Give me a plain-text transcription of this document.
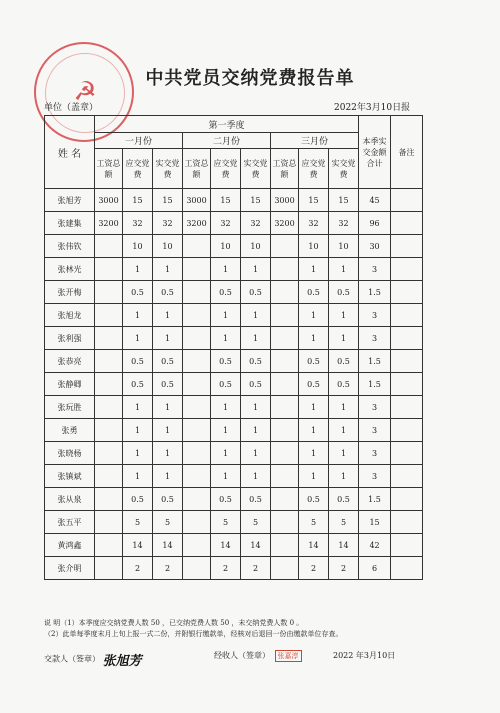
☭	中共党员交纳党费报告单
单位（盖章）	2022年3月10日报
姓 名	第一季度									本季实交金额合计	备注
	一月份			二月份			三月份				
	工资总额	应交党费	实交党费	工资总额	应交党费	实交党费	工资总额	应交党费	实交党费		
张旭芳	3000	15	15	3000	15	15	3000	15	15	45	
张建集	3200	32	32	3200	32	32	3200	32	32	96	
张伟钦		10	10		10	10		10	10	30	
张林光		1	1		1	1		1	1	3	
张开梅		0.5	0.5		0.5	0.5		0.5	0.5	1.5	
张旭龙		1	1		1	1		1	1	3	
张利强		1	1		1	1		1	1	3	
张恭亮		0.5	0.5		0.5	0.5		0.5	0.5	1.5	
张静卿		0.5	0.5		0.5	0.5		0.5	0.5	1.5	
张玩胜		1	1		1	1		1	1	3	
张勇		1	1		1	1		1	1	3	
张晓杨		1	1		1	1		1	1	3	
张镇斌		1	1		1	1		1	1	3	
张从泉		0.5	0.5		0.5	0.5		0.5	0.5	1.5	
张五平		5	5		5	5		5	5	15	
黄鸿鑫		14	14		14	14		14	14	42	
张介明		2	2		2	2		2	2	6	
说 明（1）本季度应交纳党费人数 50 ，已交纳党费人数 50 ，未交纳党费人数 0 。
（2）此单每季度末月上旬上报一式二份，并附银行缴款单，经核对后退回一份由缴款单位存查。
交款人（签章） 张旭芳	经收人（签章） 张嘉淳	2022 年3月10日
